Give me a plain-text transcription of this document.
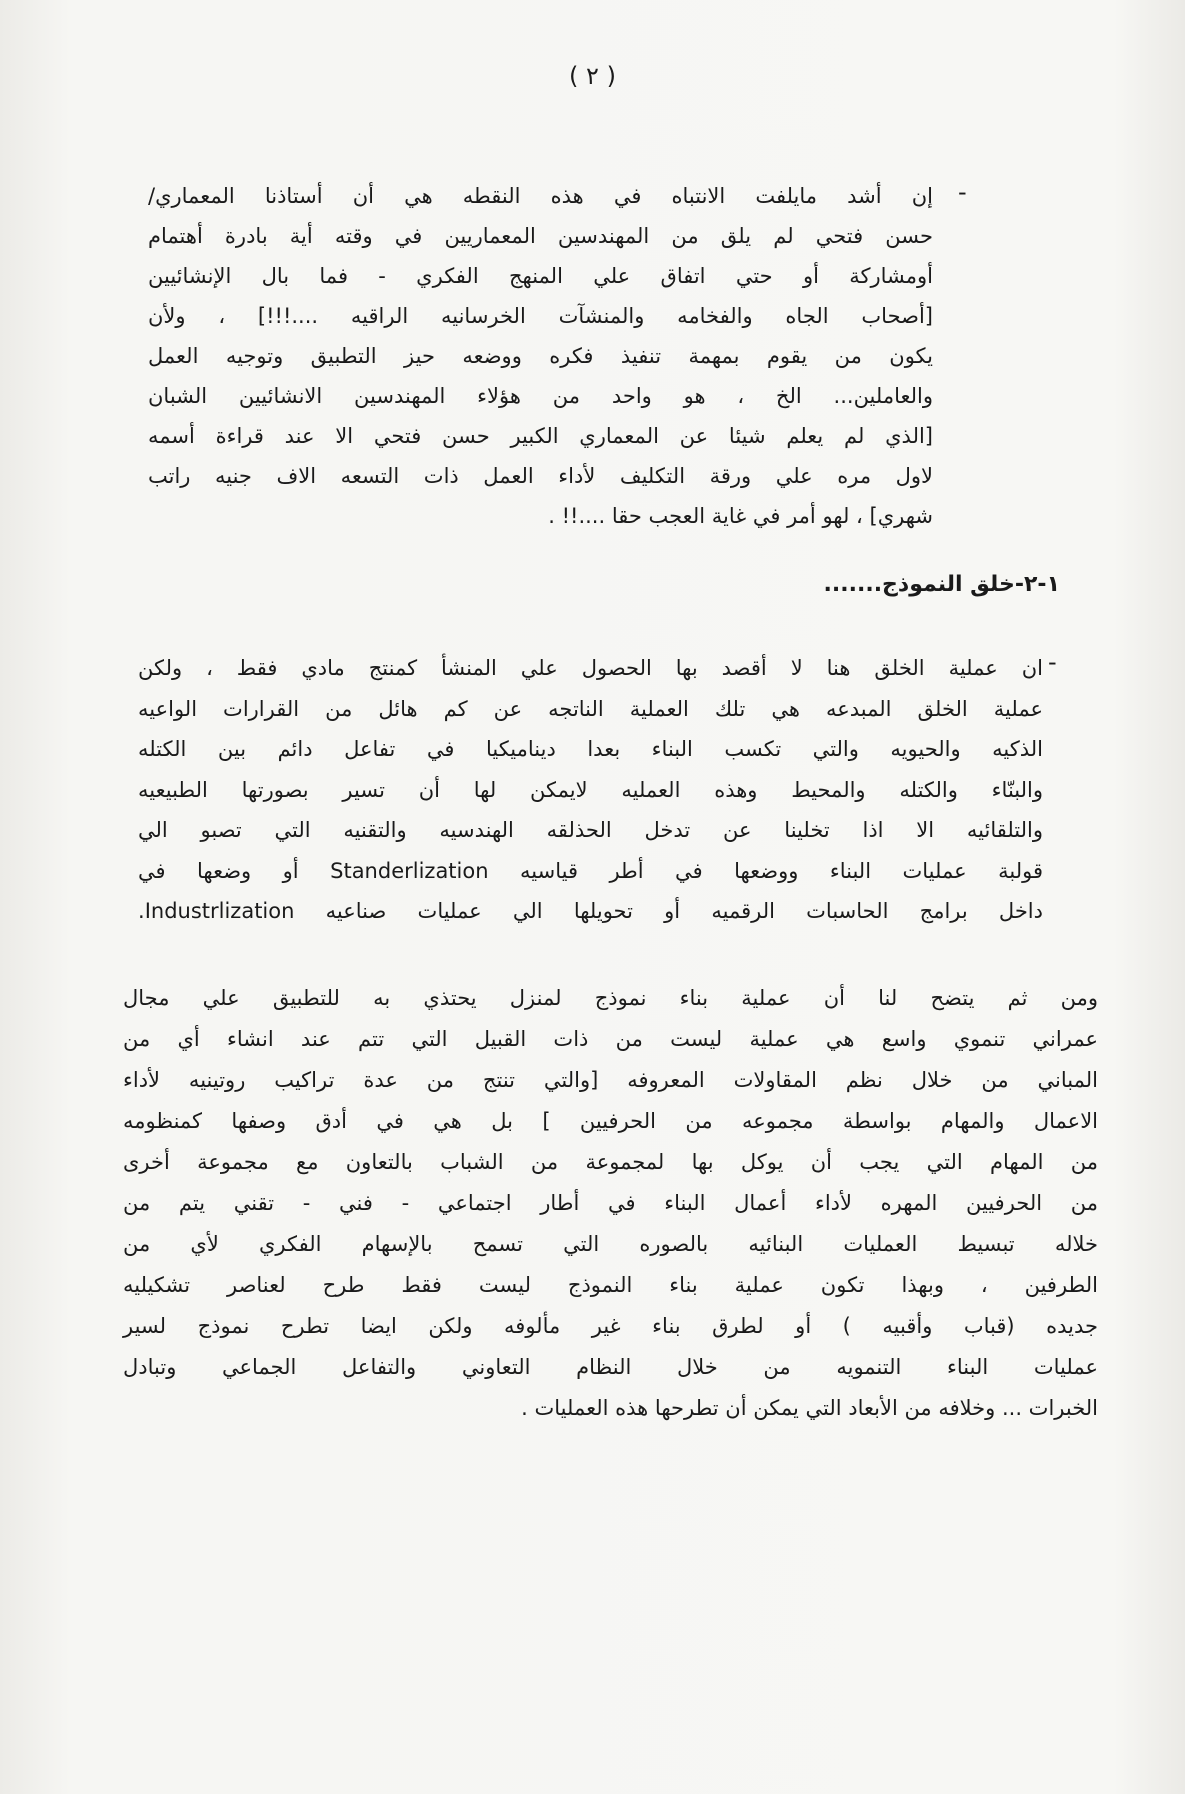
( ٢ )
-
إن أشد مايلفت الانتباه في هذه النقطه هي أن أستاذنا المعماري/
حسن فتحي لم يلق من المهندسين المعماريين في وقته أية بادرة أهتمام
أومشاركة أو حتي اتفاق علي المنهج الفكري - فما بال الإنشائيين
[أصحاب الجاه والفخامه والمنشآت الخرسانيه الراقيه ....!!!] ، ولأن
يكون من يقوم بمهمة تنفيذ فكره ووضعه حيز التطبيق وتوجيه العمل
والعاملين... الخ ، هو واحد من هؤلاء المهندسين الانشائيين الشبان
[الذي لم يعلم شيئا عن المعماري الكبير حسن فتحي الا عند قراءة أسمه
لاول مره علي ورقة التكليف لأداء العمل ذات التسعه الاف جنيه راتب
شهري] ، لهو أمر في غاية العجب حقا ....!! .
١-٢-خلق النموذج.......
-
ان عملية الخلق هنا لا أقصد بها الحصول علي المنشأ كمنتج مادي فقط ، ولكن
عملية الخلق المبدعه هي تلك العملية الناتجه عن كم هائل من القرارات الواعيه
الذكيه والحيويه والتي تكسب البناء بعدا ديناميكيا في تفاعل دائم بين الكتله
والبنّاء والكتله والمحيط وهذه العمليه لايمكن لها أن تسير بصورتها الطبيعيه
والتلقائيه الا اذا تخلينا عن تدخل الحذلقه الهندسيه والتقنيه التي تصبو الي
قولبة عمليات البناء ووضعها في أطر قياسيه Standerlization أو وضعها في
داخل برامج الحاسبات الرقميه أو تحويلها الي عمليات صناعيه Industrlization.
ومن ثم يتضح لنا أن عملية بناء نموذج لمنزل يحتذي به للتطبيق علي مجال
عمراني تنموي واسع هي عملية ليست من ذات القبيل التي تتم عند انشاء أي من
المباني من خلال نظم المقاولات المعروفه [والتي تنتج من عدة تراكيب روتينيه لأداء
الاعمال والمهام بواسطة مجموعه من الحرفيين ] بل هي في أدق وصفها كمنظومه
من المهام التي يجب أن يوكل بها لمجموعة من الشباب بالتعاون مع مجموعة أخرى
من الحرفيين المهره لأداء أعمال البناء في أطار اجتماعي - فني - تقني يتم من
خلاله تبسيط العمليات البنائيه بالصوره التي تسمح بالإسهام الفكري لأي من
الطرفين ، وبهذا تكون عملية بناء النموذج ليست فقط طرح لعناصر تشكيليه
جديده (قباب وأقبيه ) أو لطرق بناء غير مألوفه ولكن ايضا تطرح نموذج لسير
عمليات البناء التنمويه من خلال النظام التعاوني والتفاعل الجماعي وتبادل
الخبرات ... وخلافه من الأبعاد التي يمكن أن تطرحها هذه العمليات .
